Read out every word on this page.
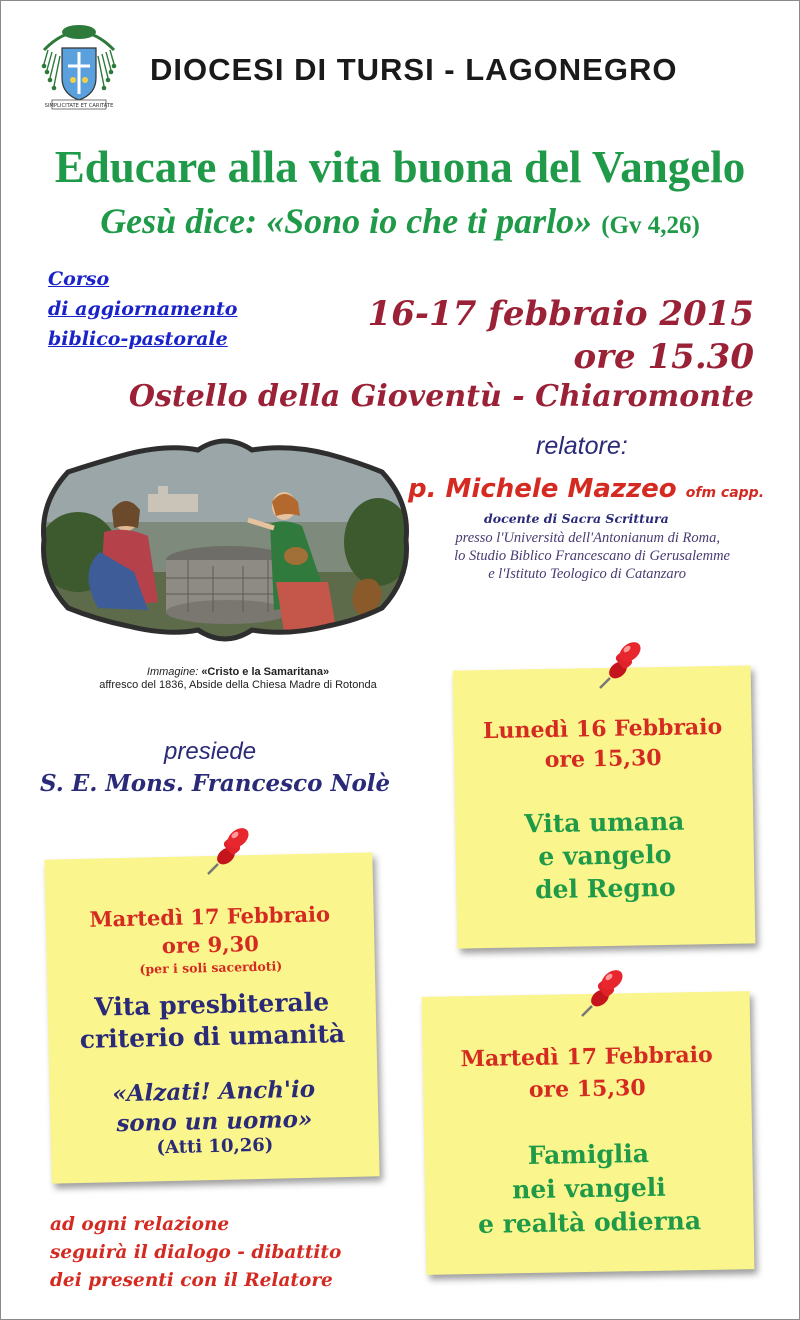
SIMPLICITATE ET CARITATE
DIOCESI DI TURSI - LAGONEGRO
Educare alla vita buona del Vangelo
Gesù dice: «Sono io che ti parlo» (Gv 4,26)
Corso
di aggiornamento
biblico-pastorale
16-17 febbraio 2015
ore 15.30
Ostello della Gioventù - Chiaromonte
relatore:
p. Michele Mazzeo ofm capp.
docente di Sacra Scrittura
presso l'Università dell'Antonianum di Roma,
lo Studio Biblico Francescano di Gerusalemme
e l'Istituto Teologico di Catanzaro
Immagine: «Cristo e la Samaritana»
affresco del 1836, Abside della Chiesa Madre di Rotonda
presiede
S. E. Mons. Francesco Nolè
Lunedì 16 Febbraio
ore 15,30
Vita umana
e vangelo
del Regno
Martedì 17 Febbraio
ore 9,30
(per i soli sacerdoti)
Vita presbiterale
criterio di umanità
«Alzati! Anch'io
sono un uomo»
(Atti 10,26)
Martedì 17 Febbraio
ore 15,30
Famiglia
nei vangeli
e realtà odierna
ad ogni relazione
seguirà il dialogo - dibattito
dei presenti con il Relatore
